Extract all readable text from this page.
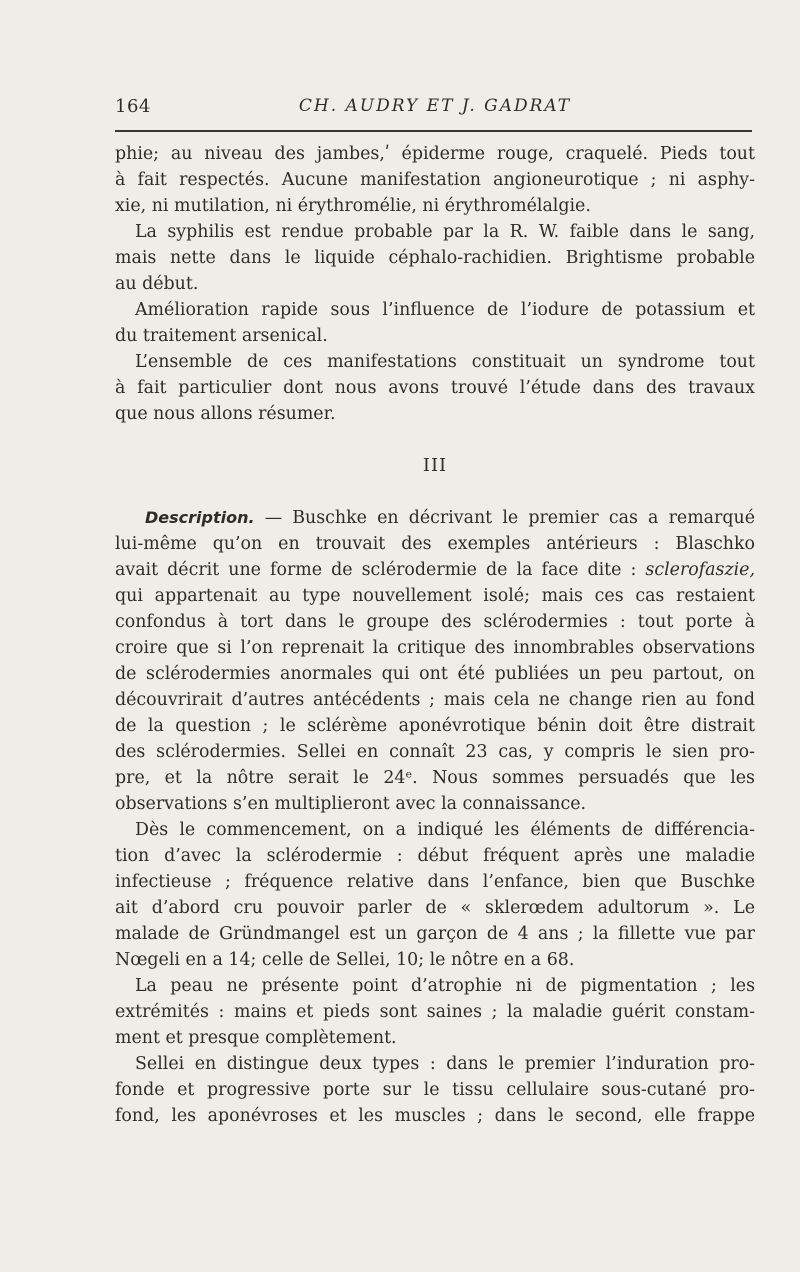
164	CH. AUDRY ET J. GADRAT

phie; au niveau des jambes,ʹ épiderme rouge, craquelé. Pieds tout

à fait respectés. Aucune manifestation angioneurotique ; ni asphy-

xie, ni mutilation, ni érythromélie, ni érythromélalgie.

La syphilis est rendue probable par la R. W. faible dans le sang,

mais nette dans le liquide céphalo-rachidien. Brightisme probable

au début.

Amélioration rapide sous l’influence de l’iodure de potassium et

du traitement arsenical.

L’ensemble de ces manifestations constituait un syndrome tout

à fait particulier dont nous avons trouvé l’étude dans des travaux

que nous allons résumer.

III

Description. — Buschke en décrivant le premier cas a remarqué

lui-même qu’on en trouvait des exemples antérieurs : Blaschko

avait décrit une forme de sclérodermie de la face dite : sclerofaszie,

qui appartenait au type nouvellement isolé; mais ces cas restaient

confondus à tort dans le groupe des sclérodermies : tout porte à

croire que si l’on reprenait la critique des innombrables observations

de sclérodermies anormales qui ont été publiées un peu partout, on

découvrirait d’autres antécédents ; mais cela ne change rien au fond

de la question ; le sclérème aponévrotique bénin doit être distrait

des sclérodermies. Sellei en connaît 23 cas, y compris le sien pro-

pre, et la nôtre serait le 24ᵉ. Nous sommes persuadés que les

observations s’en multiplieront avec la connaissance.

Dès le commencement, on a indiqué les éléments de différencia-

tion d’avec la sclérodermie : début fréquent après une maladie

infectieuse ; fréquence relative dans l’enfance, bien que Buschke

ait d’abord cru pouvoir parler de « sklerœdem adultorum ». Le

malade de Gründmangel est un garçon de 4 ans ; la fillette vue par

Nœgeli en a 14; celle de Sellei, 10; le nôtre en a 68.

La peau ne présente point d’atrophie ni de pigmentation ; les

extrémités : mains et pieds sont saines ; la maladie guérit constam-

ment et presque complètement.

Sellei en distingue deux types : dans le premier l’induration pro-

fonde et progressive porte sur le tissu cellulaire sous-cutané pro-

fond, les aponévroses et les muscles ; dans le second, elle frappe
